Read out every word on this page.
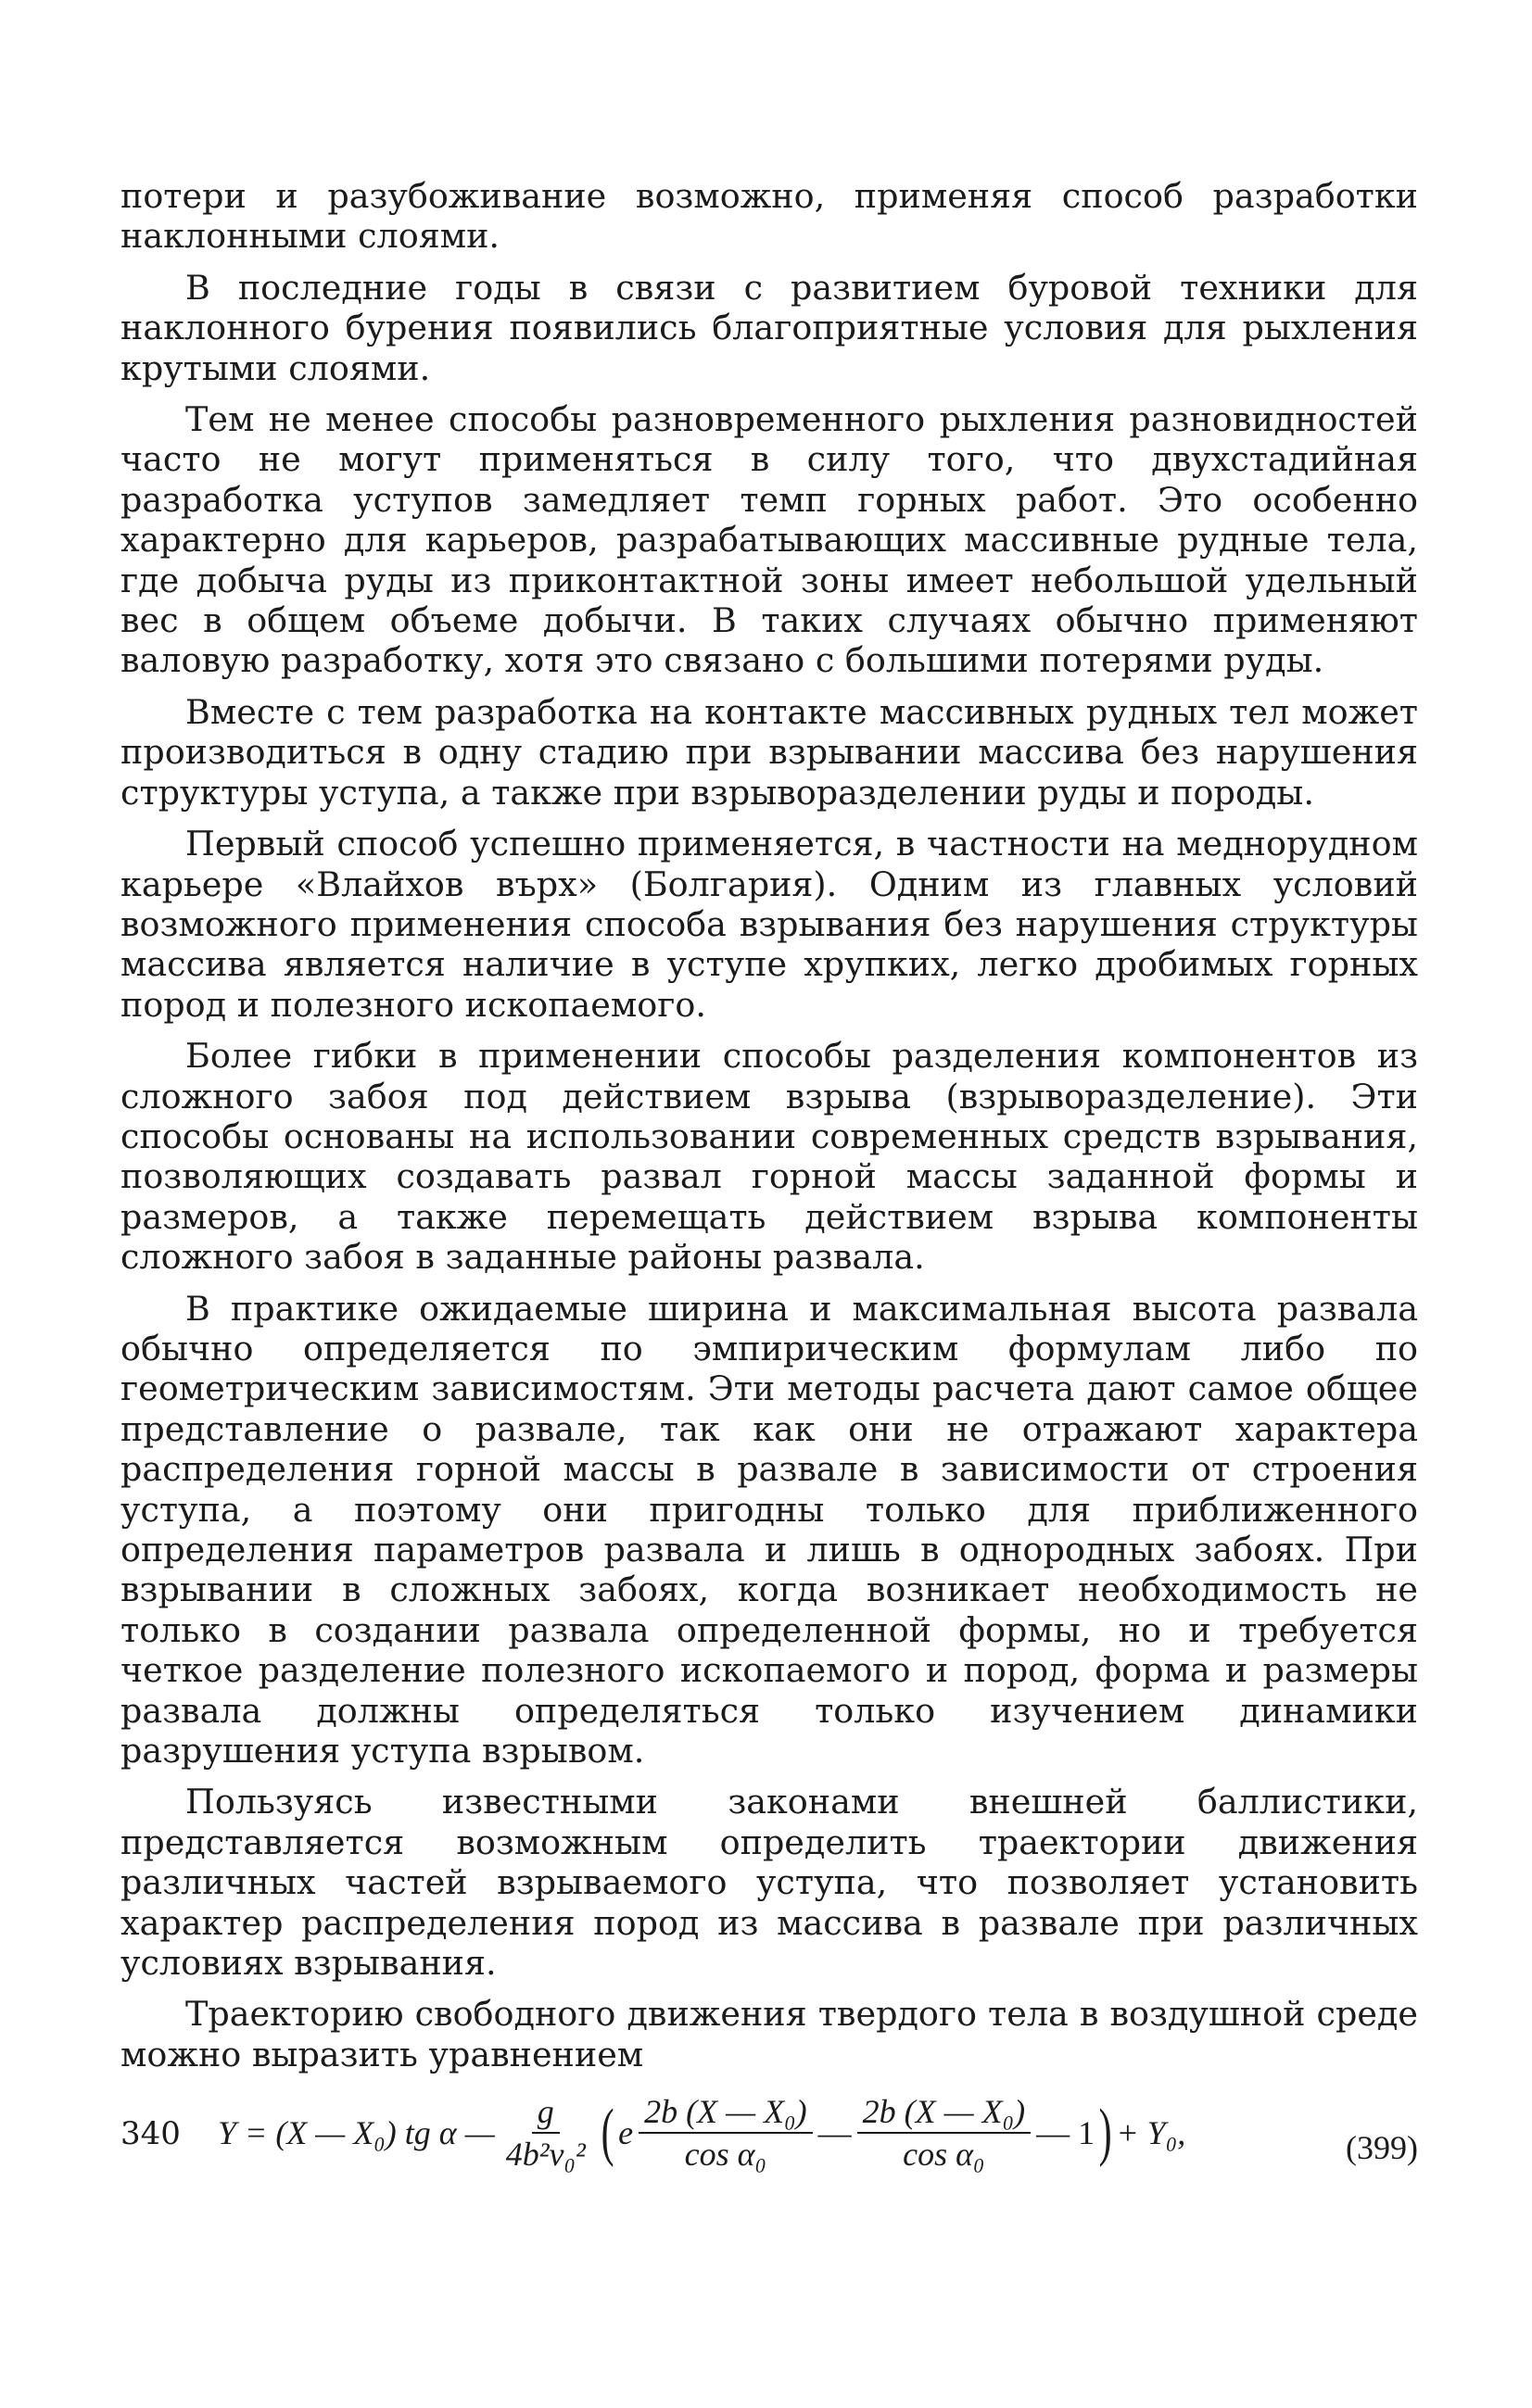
потери и разубоживание возможно, применяя способ разработки наклонными слоями.

В последние годы в связи с развитием буровой техники для наклонного бурения появились благоприятные условия для рыхления крутыми слоями.

Тем не менее способы разновременного рыхления разновидностей часто не могут применяться в силу того, что двухстадийная разработка уступов замедляет темп горных работ. Это особенно характерно для карьеров, разрабатывающих массивные рудные тела, где добыча руды из приконтактной зоны имеет небольшой удельный вес в общем объеме добычи. В таких случаях обычно применяют валовую разработку, хотя это связано с большими потерями руды.

Вместе с тем разработка на контакте массивных рудных тел может производиться в одну стадию при взрывании массива без нарушения структуры уступа, а также при взрыворазделении руды и породы.

Первый способ успешно применяется, в частности на меднорудном карьере «Влайхов върх» (Болгария). Одним из главных условий возможного применения способа взрывания без нарушения структуры массива является наличие в уступе хрупких, легко дробимых горных пород и полезного ископаемого.

Более гибки в применении способы разделения компонентов из сложного забоя под действием взрыва (взрыворазделение). Эти способы основаны на использовании современных средств взрывания, позволяющих создавать развал горной массы заданной формы и размеров, а также перемещать действием взрыва компоненты сложного забоя в заданные районы развала.

В практике ожидаемые ширина и максимальная высота развала обычно определяется по эмпирическим формулам либо по геометрическим зависимостям. Эти методы расчета дают самое общее представление о развале, так как они не отражают характера распределения горной массы в развале в зависимости от строения уступа, а поэтому они пригодны только для приближенного определения параметров развала и лишь в однородных забоях. При взрывании в сложных забоях, когда возникает необходимость не только в создании развала определенной формы, но и требуется четкое разделение полезного ископаемого и пород, форма и размеры развала должны определяться только изучением динамики разрушения уступа взрывом.

Пользуясь известными законами внешней баллистики, представляется возможным определить траектории движения различных частей взрываемого уступа, что позволяет установить характер распределения пород из массива в развале при различных условиях взрывания.

Траекторию свободного движения твердого тела в воздушной среде можно выразить уравнением

Y = (X — X₀) tg α — $\frac{g}{\text{4b²v₀²}}$ ( e $\frac{\text{2b (X — X₀)}}{\text{cos α₀}}$ — $\frac{\text{2b (X — X₀)}}{\text{cos α₀}}$ — 1 ) + Y₀,	(399)
340
